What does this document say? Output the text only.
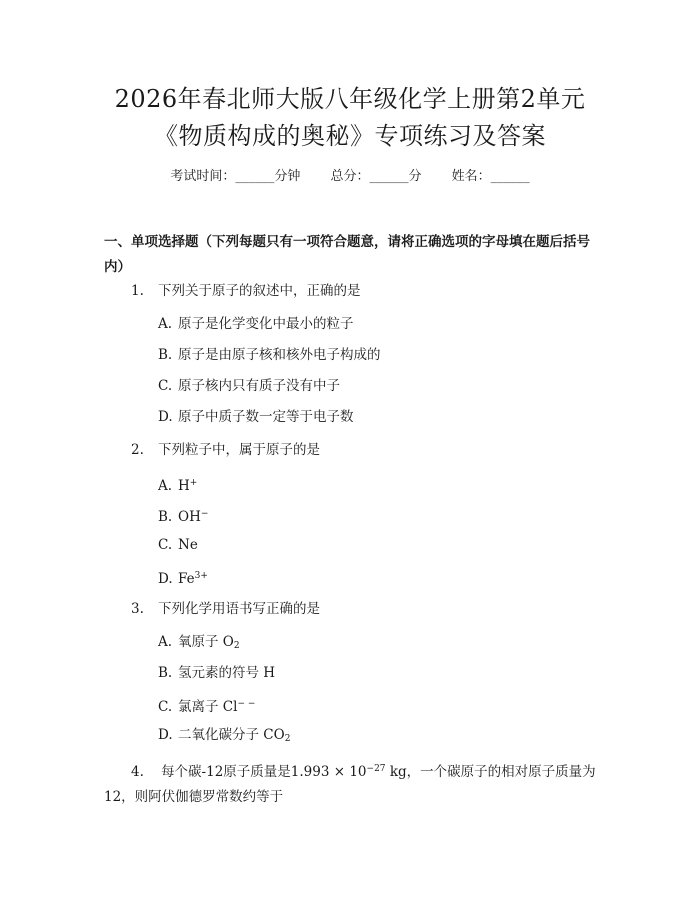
2026年春北师大版八年级化学上册第2单元
《物质构成的奥秘》专项练习及答案
考试时间：______分钟 总分：______分 姓名：______
一、单项选择题（下列每题只有一项符合题意，请将正确选项的字母填在题后括号内）
1. 下列关于原子的叙述中，正确的是
A. 原子是化学变化中最小的粒子
B. 原子是由原子核和核外电子构成的
C. 原子核内只有质子没有中子
D. 原子中质子数一定等于电子数
2. 下列粒子中，属于原子的是
A. H+
B. OH−
C. Ne
D. $Fe^{3+}$
3. 下列化学用语书写正确的是
A. 氧原子 $O_2$
B. 氢元素的符号 H
C. 氯离子 Cl− −
D. 二氧化碳分子 $CO_2$
4. 每个碳-12原子质量是$1.993 \times 10^{-27}$ kg，一个碳原子的相对原子质量为12，则阿伏伽德罗常数约等于
